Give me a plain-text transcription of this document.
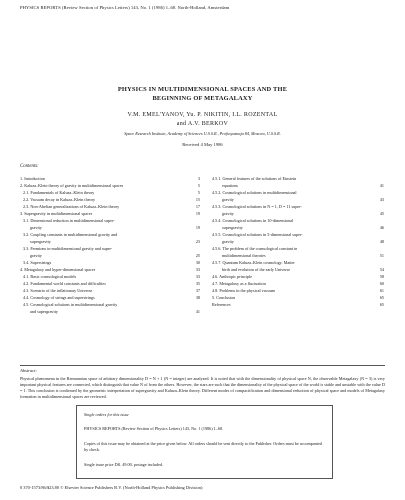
PHYSICS REPORTS (Review Section of Physics Letters) 143, No. 1 (1986) 1–68. North-Holland, Amsterdam
PHYSICS IN MULTIDIMENSIONAL SPACES AND THE
BEGINNING OF METAGALAXY
V.M. EMEL'YANOV, Yu. P. NIKITIN, I.L. ROZENTAL
and A.V. BERKOV
Space Research Institute, Academy of Sciences U.S.S.R., Profsoyuznaja 84, Moscow, U.S.S.R.
Received 4 May 1986
Contents:
1. Introduction	3
2. Kaluza–Klein theory of gravity in multidimensional spaces	5
2.1. Fundamentals of Kaluza–Klein theory	5
2.2. Vacuum decay in Kaluza–Klein theory	15
2.3. Non-Abelian generalizations of Kaluza–Klein theory	17
3. Supergravity in multidimensional spaces	19
3.1. Dimensional reduction in multidimensional super-
gravity	19
3.2. Coupling constants in multidimensional gravity and
supergravity	23
3.3. Fermions in multidimensional gravity and super-
gravity	25
3.4. Superstrings	30
4. Metagalaxy and hyper-dimensional spaces	33
4.1. Basic cosmological models	33
4.2. Fundamental world constants and difficulties	35
4.3. Scenario of the inflationary Universe	37
4.4. Cosmology of strings and superstrings	38
4.5. Cosmological solutions in multidimensional gravity
and supergravity	41
4.5.1. General features of the solutions of Einstein
equations	41
4.5.2. Cosmological solutions in multidimensional
gravity	43
4.5.3. Cosmological solutions in N = 1, D = 11 super-
gravity	45
4.5.4. Cosmological solutions in 10-dimensional
supergravity	46
4.5.5. Cosmological solutions in 5-dimensional super-
gravity	48
4.5.6. The problem of the cosmological constant in
multidimensional theories	51
4.5.7. Quantum Kaluza–Klein cosmology. Matter
birth and evolution of the early Universe	54
4.6. Anthropic principle	58
4.7. Metagalaxy as a fluctuation	60
4.8. Problems in the physical vacuum	61
5. Conclusion	65
References	65
Abstract:
Physical phenomena in the Riemannian space of arbitrary dimensionality D = N + 1 (N = integer) are analyzed. It is noted that with the dimensionality of physical space N, the observable Metagalaxy (N = 3) is very important physical features are connected, which distinguish that value N of from the others. However, the stars are such that the dimensionality of the physical space of the world is stable and unstable with the value D = 1. This conclusion is confirmed by the geometric interpretation of supergravity and Kaluza–Klein theory. Different modes of compactification and dimensional reduction of physical space and models of Metagalaxy formation in multidimensional spaces are reviewed.
Single orders for this issue
PHYSICS REPORTS (Review Section of Physics Letters) 143, No. 1 (1986) 1–68.
Copies of this issue may be obtained at the price given below. All orders should be sent directly to the Publisher. Orders must be accompanied by check.
Single issue price Dfl. 49.00, postage included.
0 370-1573/86/$23.80 © Elsevier Science Publishers B.V. (North-Holland Physics Publishing Division)
